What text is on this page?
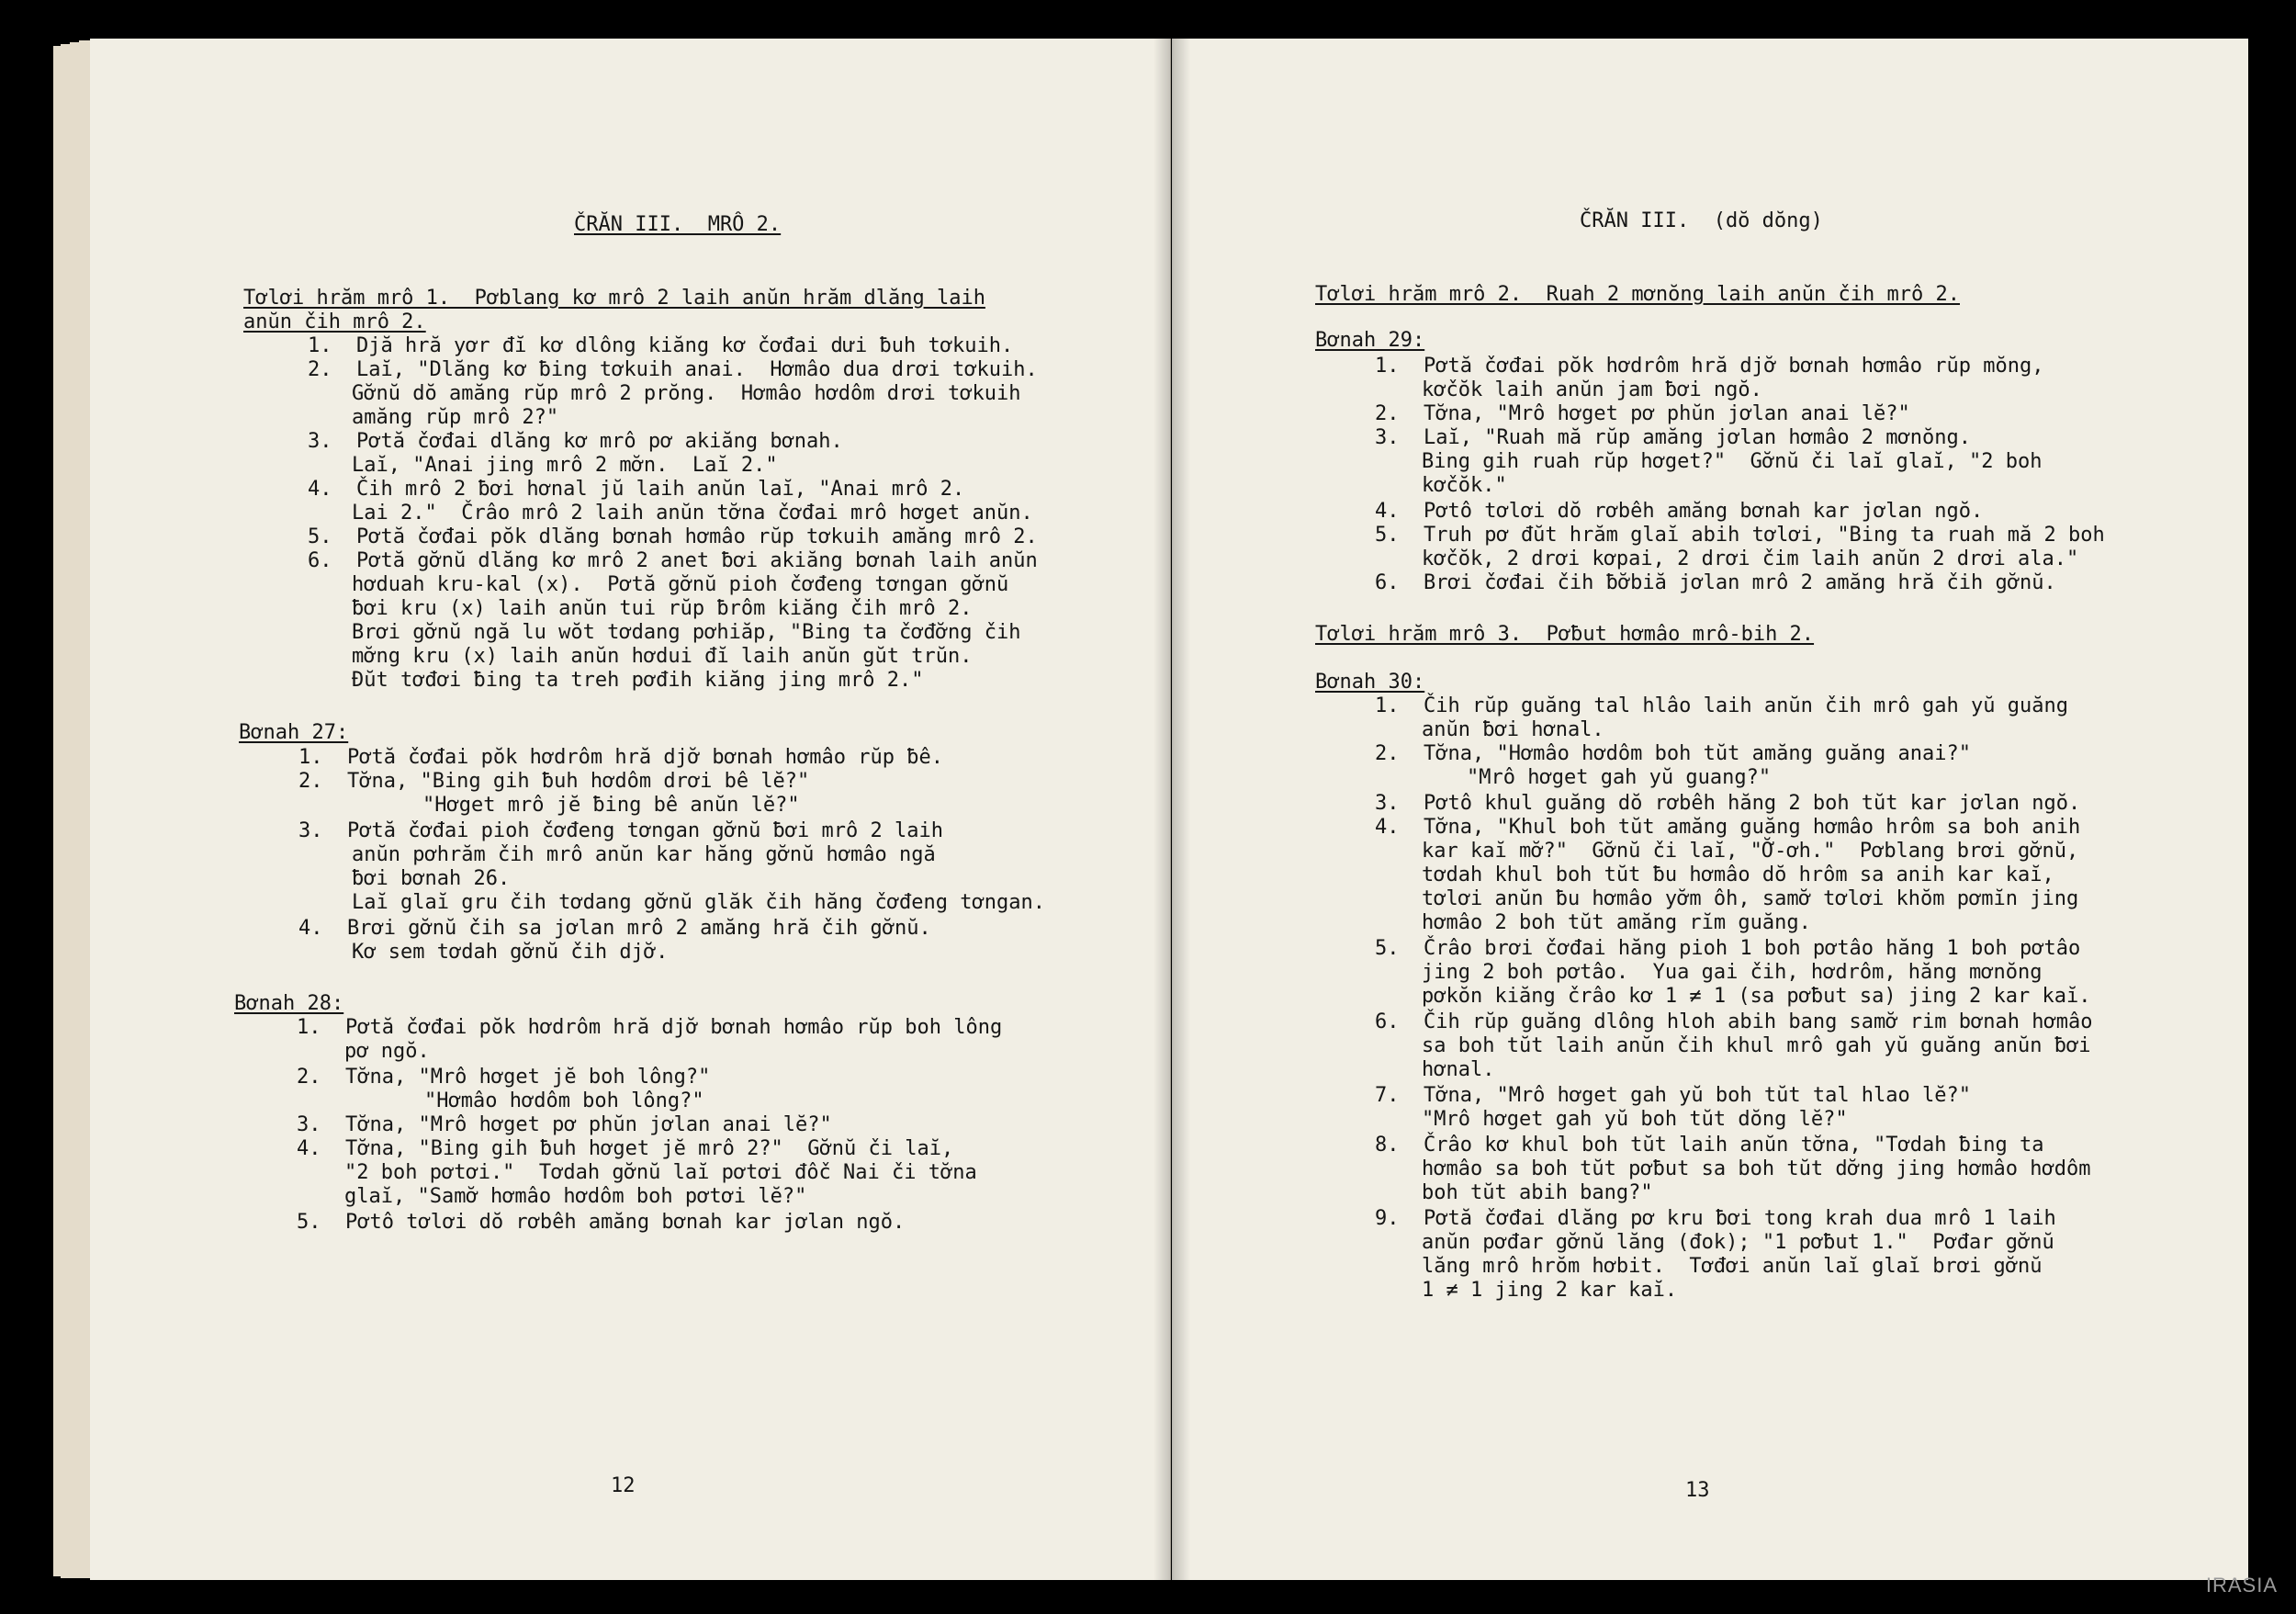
ČRĂN III.  MRÔ 2.
12
Tơlơi hrăm mrô 1.  Pơblang kơ mrô 2 laih anŭn hrăm dlăng laih
anŭn čih mrô 2.
1.  Djă hră yơr đĭ kơ dlông kiăng kơ čơđai dưi ƀuh tơkuih.
2.  Laĭ, "Dlăng kơ ƀing tơkuih anai.  Hơmâo dua drơi tơkuih.
Gơ̆nŭ dŏ amăng rŭp mrô 2 prŏng.  Hơmâo hơdôm drơi tơkuih
amăng rŭp mrô 2?"
3.  Pơtă čơđai dlăng kơ mrô pơ akiăng bơnah.
Laĭ, "Anai jing mrô 2 mơ̆n.  Laĭ 2."
4.  Čih mrô 2 ƀơi hơnal jŭ laih anŭn laĭ, "Anai mrô 2.
Lai 2."  Črâo mrô 2 laih anŭn tơ̆na čơđai mrô hơget anŭn.
5.  Pơtă čơđai pŏk dlăng bơnah hơmâo rŭp tơkuih amăng mrô 2.
6.  Pơtă gơ̆nŭ dlăng kơ mrô 2 anet ƀơi akiăng bơnah laih anŭn
hơduah kru-kal (x).  Pơtă gơ̆nŭ pioh čơđeng tơngan gơ̆nŭ
ƀơi kru (x) laih anŭn tui rŭp ƀrôm kiăng čih mrô 2.
Brơi gơ̆nŭ ngă lu wŏt tơdang pơhiăp, "Bing ta čơđơ̆ng čih
mơ̆ng kru (x) laih anŭn hơdui đĭ laih anŭn gŭt trŭn.
Đŭt tơđơi ƀing ta treh pơđih kiăng jing mrô 2."
Bơnah 27:
1.  Pơtă čơđai pŏk hơdrôm hră djơ̆ bơnah hơmâo rŭp ƀê.
2.  Tơ̆na, "Bing gih ƀuh hơdôm drơi bê lĕ?"
"Hơget mrô jĕ ƀing bê anŭn lĕ?"
3.  Pơtă čơđai pioh čơđeng tơngan gơ̆nŭ ƀơi mrô 2 laih
anŭn pơhrăm čih mrô anŭn kar hăng gơ̆nŭ hơmâo ngă
ƀơi bơnah 26.
Laĭ glaĭ gru čih tơdang gơ̆nŭ glăk čih hăng čơđeng tơngan.
4.  Brơi gơ̆nŭ čih sa jơlan mrô 2 amăng hră čih gơ̆nŭ.
Kơ sem tơdah gơ̆nŭ čih djơ̆.
Bơnah 28:
1.  Pơtă čơđai pŏk hơdrôm hră djơ̆ bơnah hơmâo rŭp boh lông
pơ ngŏ.
2.  Tơ̆na, "Mrô hơget jĕ boh lông?"
"Hơmâo hơdôm boh lông?"
3.  Tơ̆na, "Mrô hơget pơ phŭn jơlan anai lĕ?"
4.  Tơ̆na, "Bing gih ƀuh hơget jĕ mrô 2?"  Gơ̆nŭ či laĭ,
"2 boh pơtơi."  Tơdah gơ̆nŭ laĭ pơtơi đôč Nai či tơ̆na
glaĭ, "Samơ̆ hơmâo hơdôm boh pơtơi lĕ?"
5.  Pơtô tơlơi dŏ rơbêh amăng bơnah kar jơlan ngŏ.
ČRĂN III.  (dŏ dŏng)
13
Tơlơi hrăm mrô 2.  Ruah 2 mơnŏng laih anŭn čih mrô 2.
Bơnah 29:
1.  Pơtă čơđai pŏk hơdrôm hră djơ̆ bơnah hơmâo rŭp mŏng,
kơčŏk laih anŭn jam ƀơi ngŏ.
2.  Tơ̆na, "Mrô hơget pơ phŭn jơlan anai lĕ?"
3.  Laĭ, "Ruah mă rŭp amăng jơlan hơmâo 2 mơnŏng.
Bing gih ruah rŭp hơget?"  Gơ̆nŭ či laĭ glaĭ, "2 boh
kơčŏk."
4.  Pơtô tơlơi dŏ rơbêh amăng bơnah kar jơlan ngŏ.
5.  Truh pơ đŭt hrăm glaĭ abih tơlơi, "Bing ta ruah mă 2 boh
kơčŏk, 2 drơi kơpai, 2 drơi čim laih anŭn 2 drơi ala."
6.  Brơi čơđai čih ƀơ̆biă jơlan mrô 2 amăng hră čih gơ̆nŭ.
Tơlơi hrăm mrô 3.  Pơƀut hơmâo mrô-bih 2.
Bơnah 30:
1.  Čih rŭp guăng tal hlâo laih anŭn čih mrô gah yŭ guăng
anŭn ƀơi hơnal.
2.  Tơ̆na, "Hơmâo hơdôm boh tŭt amăng guăng anai?"
"Mrô hơget gah yŭ guang?"
3.  Pơtô khul guăng dŏ rơbêh hăng 2 boh tŭt kar jơlan ngŏ.
4.  Tơ̆na, "Khul boh tŭt amăng guăng hơmâo hrôm sa boh anih
kar kaĭ mơ̆?"  Gơ̆nŭ či laĭ, "Ơ̆-ơh."  Pơblang brơi gơ̆nŭ,
tơdah khul boh tŭt ƀu hơmâo dŏ hrôm sa anih kar kaĭ,
tơlơi anŭn ƀu hơmâo yơ̆m ôh, samơ̆ tơlơi khŏm pơmĭn jing
hơmâo 2 boh tŭt amăng rĭm guăng.
5.  Črâo brơi čơđai hăng pioh 1 boh pơtâo hăng 1 boh pơtâo
jing 2 boh pơtâo.  Yua gai čih, hơdrôm, hăng mơnŏng
pơkŏn kiăng črâo kơ 1 ≠ 1 (sa pơƀut sa) jing 2 kar kaĭ.
6.  Čih rŭp guăng dlông hloh abih bang samơ̆ rim bơnah hơmâo
sa boh tŭt laih anŭn čih khul mrô gah yŭ guăng anŭn ƀơi
hơnal.
7.  Tơ̆na, "Mrô hơget gah yŭ boh tŭt tal hlao lĕ?"
"Mrô hơget gah yŭ boh tŭt dŏng lĕ?"
8.  Črâo kơ khul boh tŭt laih anŭn tơ̆na, "Tơdah ƀing ta
hơmâo sa boh tŭt pơƀut sa boh tŭt dơ̆ng jing hơmâo hơdôm
boh tŭt abih bang?"
9.  Pơtă čơđai dlăng pơ kru ƀơi tong krah dua mrô 1 laih
anŭn pơđar gơ̆nŭ lăng (đok); "1 pơƀut 1."  Pơđar gơ̆nŭ
lăng mrô hrŏm hơbit.  Tơđơi anŭn laĭ glaĭ brơi gơ̆nŭ
1 ≠ 1 jing 2 kar kaĭ.
IRASIA
